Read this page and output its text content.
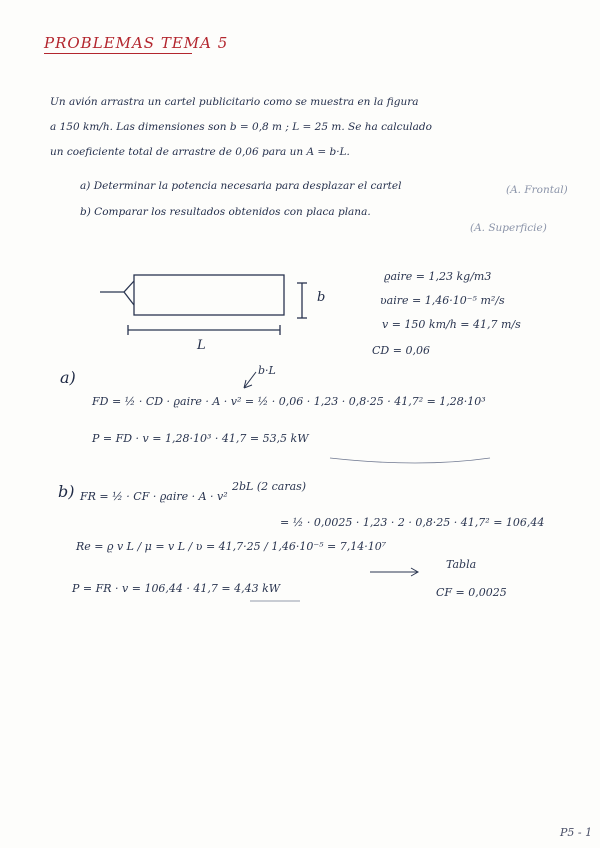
PROBLEMAS TEMA 5
Un avión arrastra un cartel publicitario como se muestra en la figura
a 150 km/h. Las dimensiones son b = 0,8 m ; L = 25 m. Se ha calculado
un coeficiente total de arrastre de 0,06 para un A = b·L.
a) Determinar la potencia necesaria para desplazar el cartel	(A. Frontal)
b) Comparar los resultados obtenidos con placa plana.
(A. Superficie)
b
L
ϱaire = 1,23 kg/m3
ʋaire = 1,46·10⁻⁵ m²/s
v = 150 km/h = 41,7 m/s
CD = 0,06
a)	b·L
FD = ½ · CD · ϱaire · A · v² = ½ · 0,06 · 1,23 · 0,8·25 · 41,7² = 1,28·10³
P = FD · v = 1,28·10³ · 41,7 = 53,5 kW
b)	2bL (2 caras)
FR = ½ · CF · ϱaire · A · v²
= ½ · 0,0025 · 1,23 · 2 · 0,8·25 · 41,7² = 106,44
Re = ϱ v L / μ = v L / ʋ = 41,7·25 / 1,46·10⁻⁵ = 7,14·10⁷
Tabla
CF = 0,0025
P = FR · v = 106,44 · 41,7 = 4,43 kW
P5 - 1
